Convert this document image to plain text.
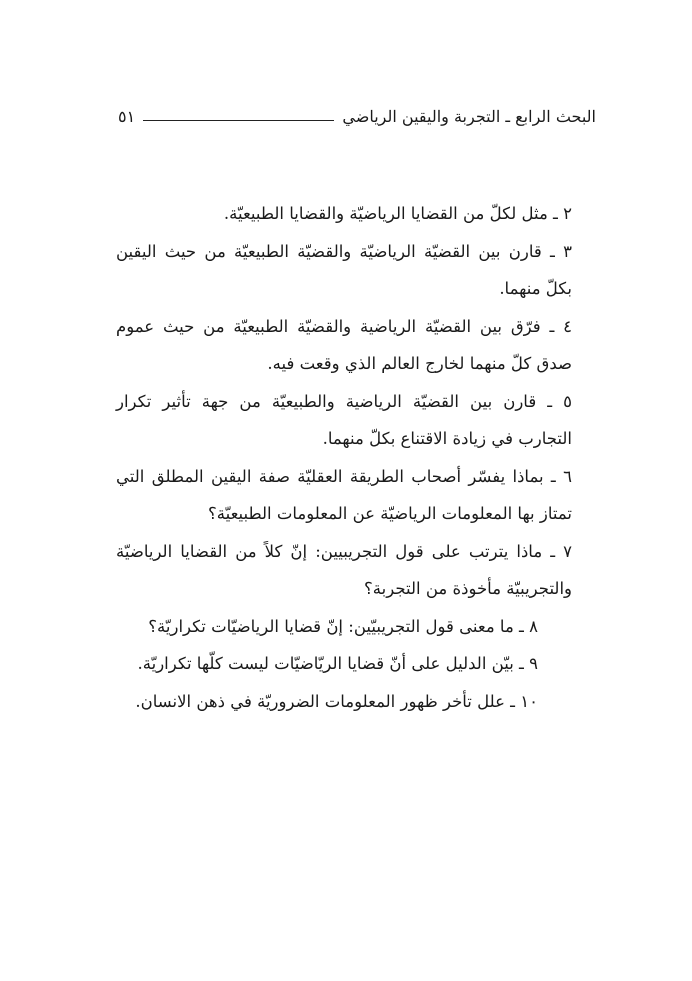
البحث الرابع ـ التجربة واليقين الرياضي
٥١

٢ ـ مثل لكلّ من القضايا الرياضيّة والقضايا الطبيعيّة.

٣ ـ قارن بين القضيّة الرياضيّة والقضيّة الطبيعيّة من حيث اليقين بكلّ منهما.

٤ ـ فرّق بين القضيّة الرياضية والقضيّة الطبيعيّة من حيث عموم صدق كلّ منهما لخارج العالم الذي وقعت فيه.

٥ ـ قارن بين القضيّة الرياضية والطبيعيّة من جهة تأثير تكرار التجارب في زيادة الاقتناع بكلّ منهما.

٦ ـ بماذا يفسّر أصحاب الطريقة العقليّة صفة اليقين المطلق التي تمتاز بها المعلومات الرياضيّة عن المعلومات الطبيعيّة؟

٧ ـ ماذا يترتب على قول التجريبيين: إنّ كلاً من القضايا الرياضيّة والتجريبيّة مأخوذة من التجربة؟

٨ ـ ما معنى قول التجريبيّين: إنّ قضايا الرياضيّات تكراريّة؟

٩ ـ بيّن الدليل على أنّ قضايا الريّاضيّات ليست كلّها تكراريّة.

١٠ ـ علل تأخر ظهور المعلومات الضروريّة في ذهن الانسان.
